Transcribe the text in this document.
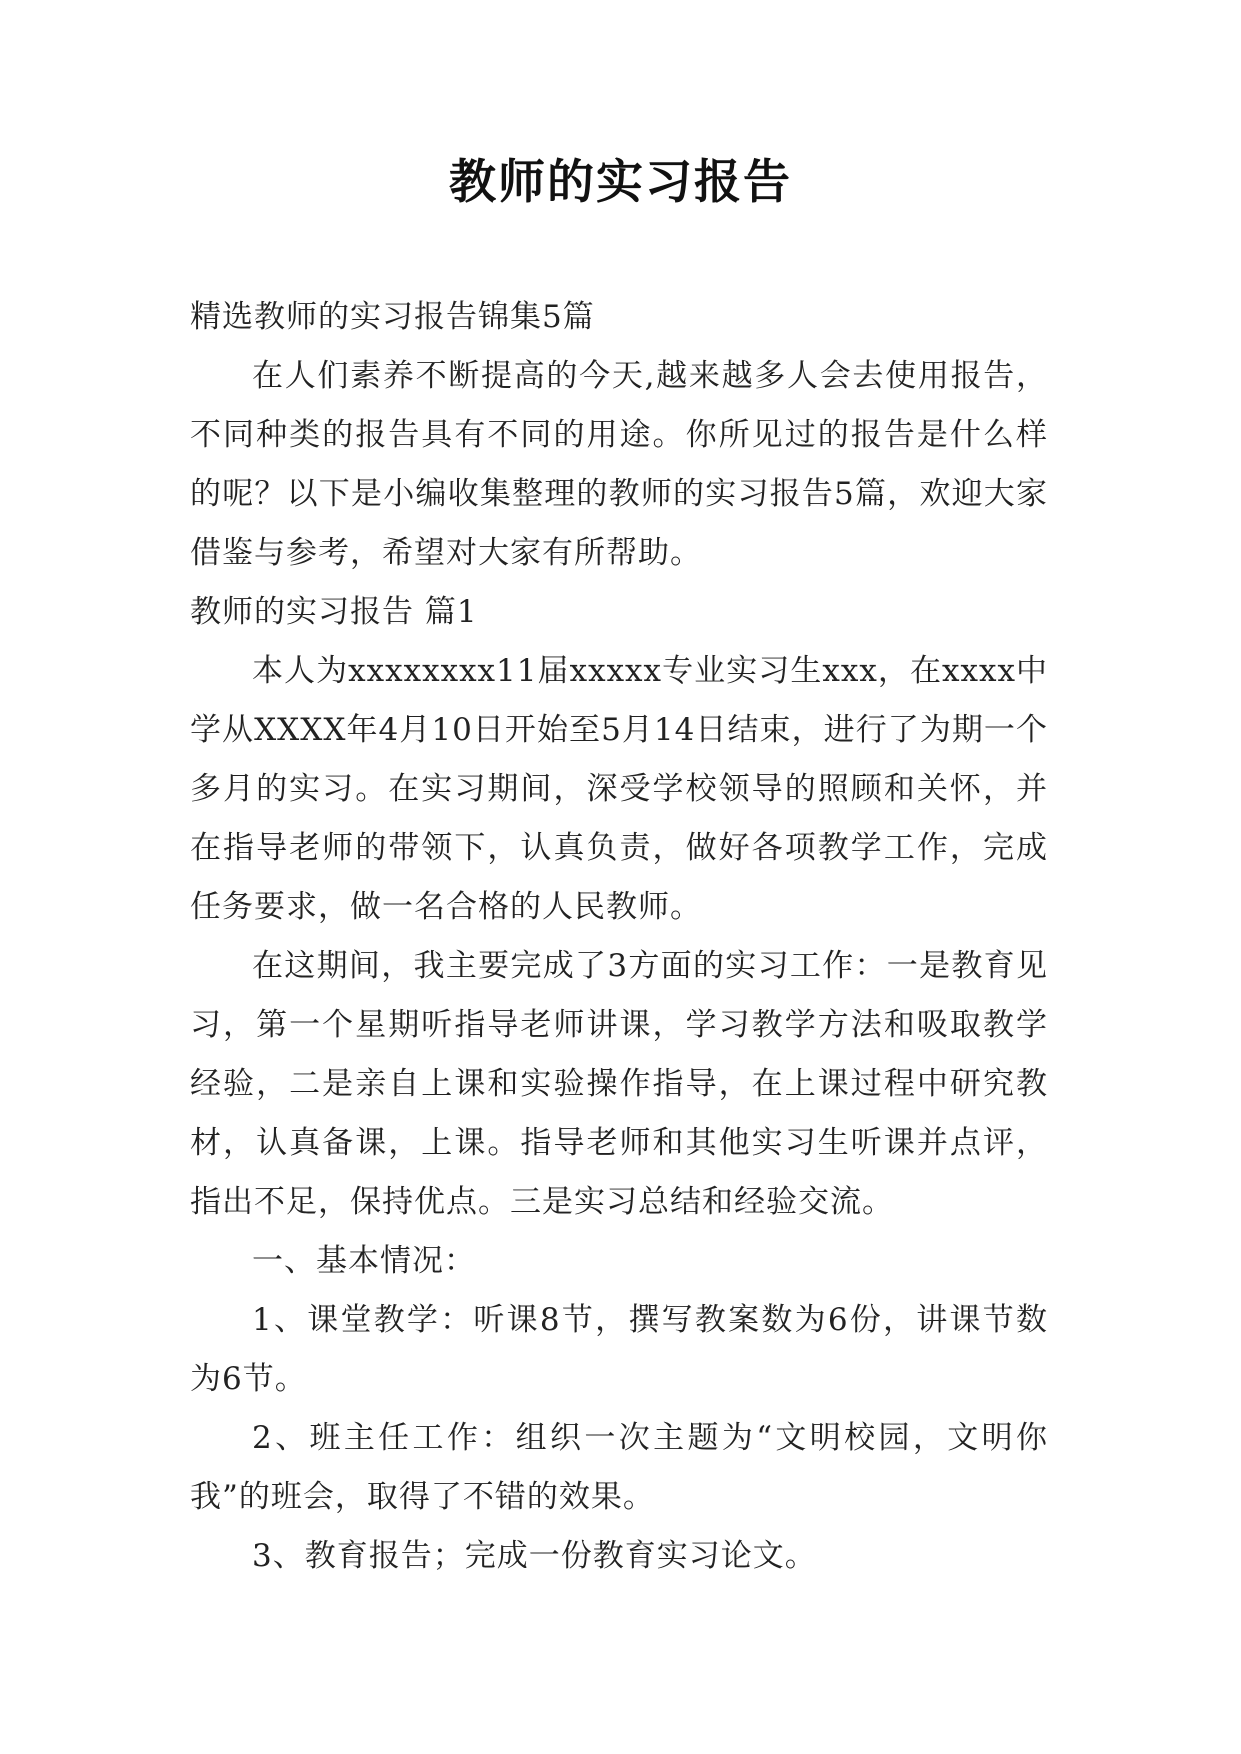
教师的实习报告

精选教师的实习报告锦集5篇

在人们素养不断提高的今天,越来越多人会去使用报告，不同种类的报告具有不同的用途。你所见过的报告是什么样的呢？以下是小编收集整理的教师的实习报告5篇，欢迎大家借鉴与参考，希望对大家有所帮助。

教师的实习报告 篇1

本人为xxxxxxxx11届xxxxx专业实习生xxx，在xxxx中学从XXXX年4月10日开始至5月14日结束，进行了为期一个多月的实习。在实习期间，深受学校领导的照顾和关怀，并在指导老师的带领下，认真负责，做好各项教学工作，完成任务要求，做一名合格的人民教师。

在这期间，我主要完成了3方面的实习工作：一是教育见习，第一个星期听指导老师讲课，学习教学方法和吸取教学经验，二是亲自上课和实验操作指导，在上课过程中研究教材，认真备课，上课。指导老师和其他实习生听课并点评，指出不足，保持优点。三是实习总结和经验交流。

一、基本情况：

1、课堂教学：听课8节，撰写教案数为6份，讲课节数为6节。

2、班主任工作：组织一次主题为“文明校园，文明你我”的班会，取得了不错的效果。

3、教育报告；完成一份教育实习论文。
